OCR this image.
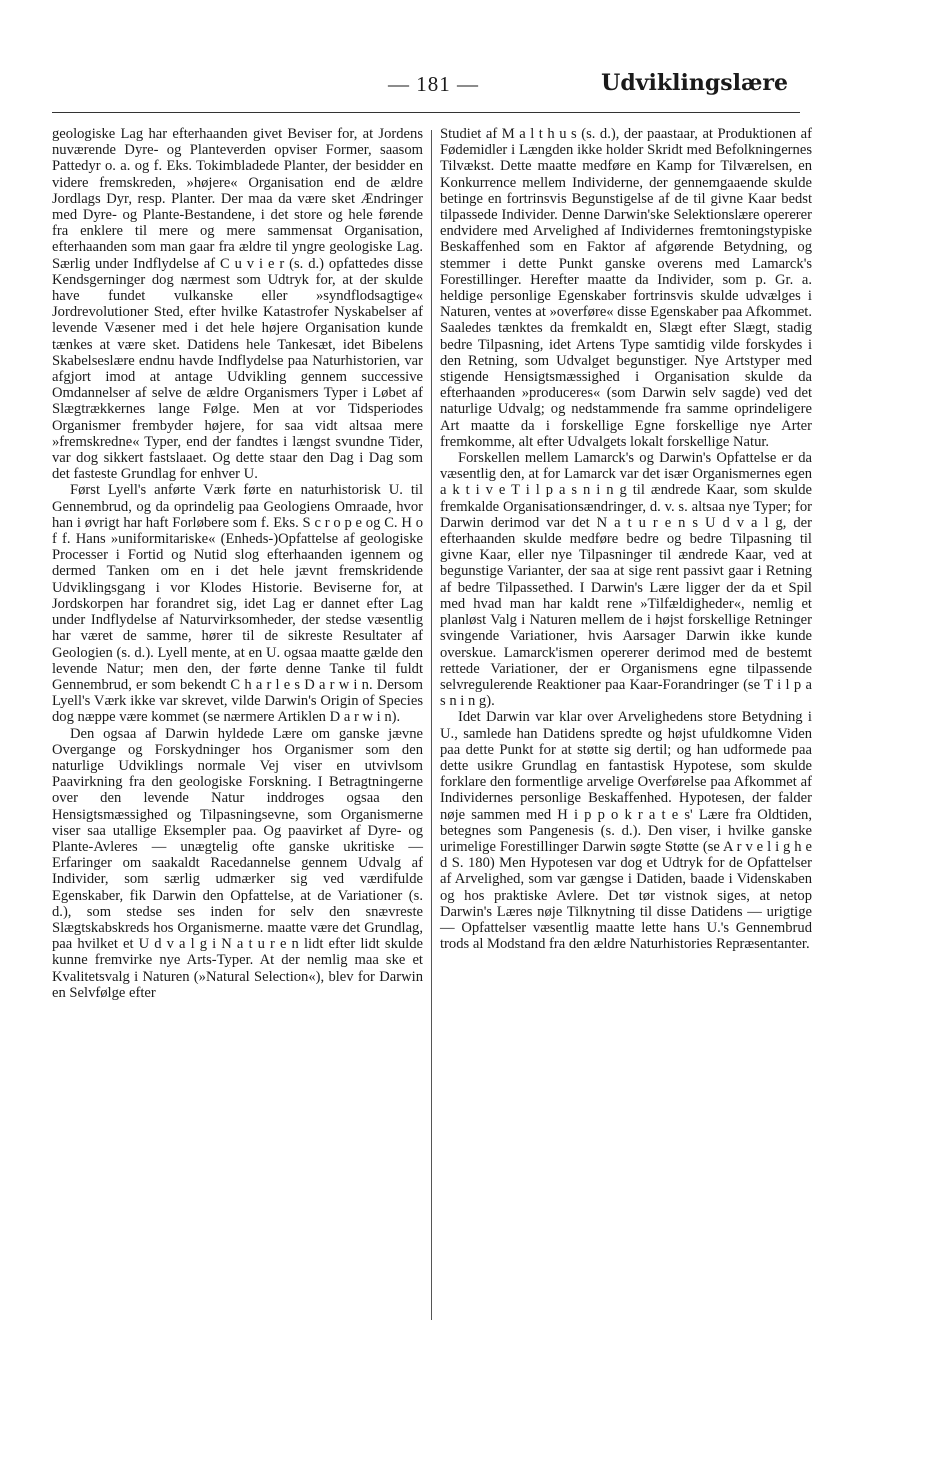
— 181 —	Udviklingslære

geologiske Lag har efterhaanden givet Beviser for, at Jordens nuværende Dyre- og Planteverden opviser Former, saasom Pattedyr o. a. og f. Eks. Tokimbladede Planter, der besidder en videre fremskreden, »højere« Organisation end de ældre Jordlags Dyr, resp. Planter. Der maa da være sket Ændringer med Dyre- og Plante-Bestandene, i det store og hele førende fra enklere til mere og mere sammensat Organisation, efterhaanden som man gaar fra ældre til yngre geologiske Lag. Særlig under Indflydelse af C u v i e r (s. d.) opfattedes disse Kendsgerninger dog nærmest som Udtryk for, at der skulde have fundet vulkanske eller »syndflodsagtige« Jordrevolutioner Sted, efter hvilke Katastrofer Nyskabelser af levende Væsener med i det hele højere Organisation kunde tænkes at være sket. Datidens hele Tankesæt, idet Bibelens Skabelseslære endnu havde Indflydelse paa Naturhistorien, var afgjort imod at antage Udvikling gennem successive Omdannelser af selve de ældre Organismers Typer i Løbet af Slægtrækkernes lange Følge. Men at vor Tidsperiodes Organismer frembyder højere, for saa vidt altsaa mere »fremskredne« Typer, end der fandtes i længst svundne Tider, var dog sikkert fastslaaet. Og dette staar den Dag i Dag som det fasteste Grundlag for enhver U.

Først Lyell's anførte Værk førte en naturhistorisk U. til Gennembrud, og da oprindelig paa Geologiens Omraade, hvor han i øvrigt har haft Forløbere som f. Eks. S c r o p e og C. H o f f. Hans »uniformitariske« (Enheds-)Opfattelse af geologiske Processer i Fortid og Nutid slog efterhaanden igennem og dermed Tanken om en i det hele jævnt fremskridende Udviklingsgang i vor Klodes Historie. Beviserne for, at Jordskorpen har forandret sig, idet Lag er dannet efter Lag under Indflydelse af Naturvirksomheder, der stedse væsentlig har været de samme, hører til de sikreste Resultater af Geologien (s. d.). Lyell mente, at en U. ogsaa maatte gælde den levende Natur; men den, der førte denne Tanke til fuldt Gennembrud, er som bekendt C h a r l e s D a r w i n. Dersom Lyell's Værk ikke var skrevet, vilde Darwin's Origin of Species dog næppe være kommet (se nærmere Artiklen D a r w i n).

Den ogsaa af Darwin hyldede Lære om ganske jævne Overgange og Forskydninger hos Organismer som den naturlige Udviklings normale Vej viser en utvivlsom Paavirkning fra den geologiske Forskning. I Betragtningerne over den levende Natur inddroges ogsaa den Hensigtsmæssighed og Tilpasningsevne, som Organismerne viser saa utallige Eksempler paa. Og paavirket af Dyre- og Plante-Avleres — unægtelig ofte ganske ukritiske — Erfaringer om saakaldt Racedannelse gennem Udvalg af Individer, som særlig udmærker sig ved værdifulde Egenskaber, fik Darwin den Opfattelse, at de Variationer (s. d.), som stedse ses inden for selv den snævreste Slægtskabskreds hos Organismerne. maatte være det Grundlag, paa hvilket et U d v a l g i N a t u r e n lidt efter lidt skulde kunne fremvirke nye Arts-Typer. At der nemlig maa ske et Kvalitetsvalg i Naturen (»Natural Selection«), blev for Darwin en Selvfølge efter

Studiet af M a l t h u s (s. d.), der paastaar, at Produktionen af Fødemidler i Længden ikke holder Skridt med Befolkningernes Tilvækst. Dette maatte medføre en Kamp for Tilværelsen, en Konkurrence mellem Individerne, der gennemgaaende skulde betinge en fortrinsvis Begunstigelse af de til givne Kaar bedst tilpassede Individer. Denne Darwin'ske Selektionslære opererer endvidere med Arvelighed af Individernes fremtoningstypiske Beskaffenhed som en Faktor af afgørende Betydning, og stemmer i dette Punkt ganske overens med Lamarck's Forestillinger. Herefter maatte da Individer, som p. Gr. a. heldige personlige Egenskaber fortrinsvis skulde udvælges i Naturen, ventes at »overføre« disse Egenskaber paa Afkommet. Saaledes tænktes da fremkaldt en, Slægt efter Slægt, stadig bedre Tilpasning, idet Artens Type samtidig vilde forskydes i den Retning, som Udvalget begunstiger. Nye Artstyper med stigende Hensigtsmæssighed i Organisation skulde da efterhaanden »produceres« (som Darwin selv sagde) ved det naturlige Udvalg; og nedstammende fra samme oprindeligere Art maatte da i forskellige Egne forskellige nye Arter fremkomme, alt efter Udvalgets lokalt forskellige Natur.

Forskellen mellem Lamarck's og Darwin's Opfattelse er da væsentlig den, at for Lamarck var det især Organismernes egen a k t i v e T i l p a s n i n g til ændrede Kaar, som skulde fremkalde Organisationsændringer, d. v. s. altsaa nye Typer; for Darwin derimod var det N a t u r e n s U d v a l g, der efterhaanden skulde medføre bedre og bedre Tilpasning til givne Kaar, eller nye Tilpasninger til ændrede Kaar, ved at begunstige Varianter, der saa at sige rent passivt gaar i Retning af bedre Tilpassethed. I Darwin's Lære ligger der da et Spil med hvad man har kaldt rene »Tilfældigheder«, nemlig et planløst Valg i Naturen mellem de i højst forskellige Retninger svingende Variationer, hvis Aarsager Darwin ikke kunde overskue. Lamarck'ismen opererer derimod med de bestemt rettede Variationer, der er Organismens egne tilpassende selvregulerende Reaktioner paa Kaar-Forandringer (se T i l p a s n i n g).

Idet Darwin var klar over Arvelighedens store Betydning i U., samlede han Datidens spredte og højst ufuldkomne Viden paa dette Punkt for at støtte sig dertil; og han udformede paa dette usikre Grundlag en fantastisk Hypotese, som skulde forklare den formentlige arvelige Overførelse paa Afkommet af Individernes personlige Beskaffenhed. Hypotesen, der falder nøje sammen med H i p p o k r a t e s' Lære fra Oldtiden, betegnes som Pangenesis (s. d.). Den viser, i hvilke ganske urimelige Forestillinger Darwin søgte Støtte (se A r v e l i g h e d S. 180) Men Hypotesen var dog et Udtryk for de Opfattelser af Arvelighed, som var gængse i Datiden, baade i Videnskaben og hos praktiske Avlere. Det tør vistnok siges, at netop Darwin's Læres nøje Tilknytning til disse Datidens — urigtige — Opfattelser væsentlig maatte lette hans U.'s Gennembrud trods al Modstand fra den ældre Naturhistories Repræsentanter.
